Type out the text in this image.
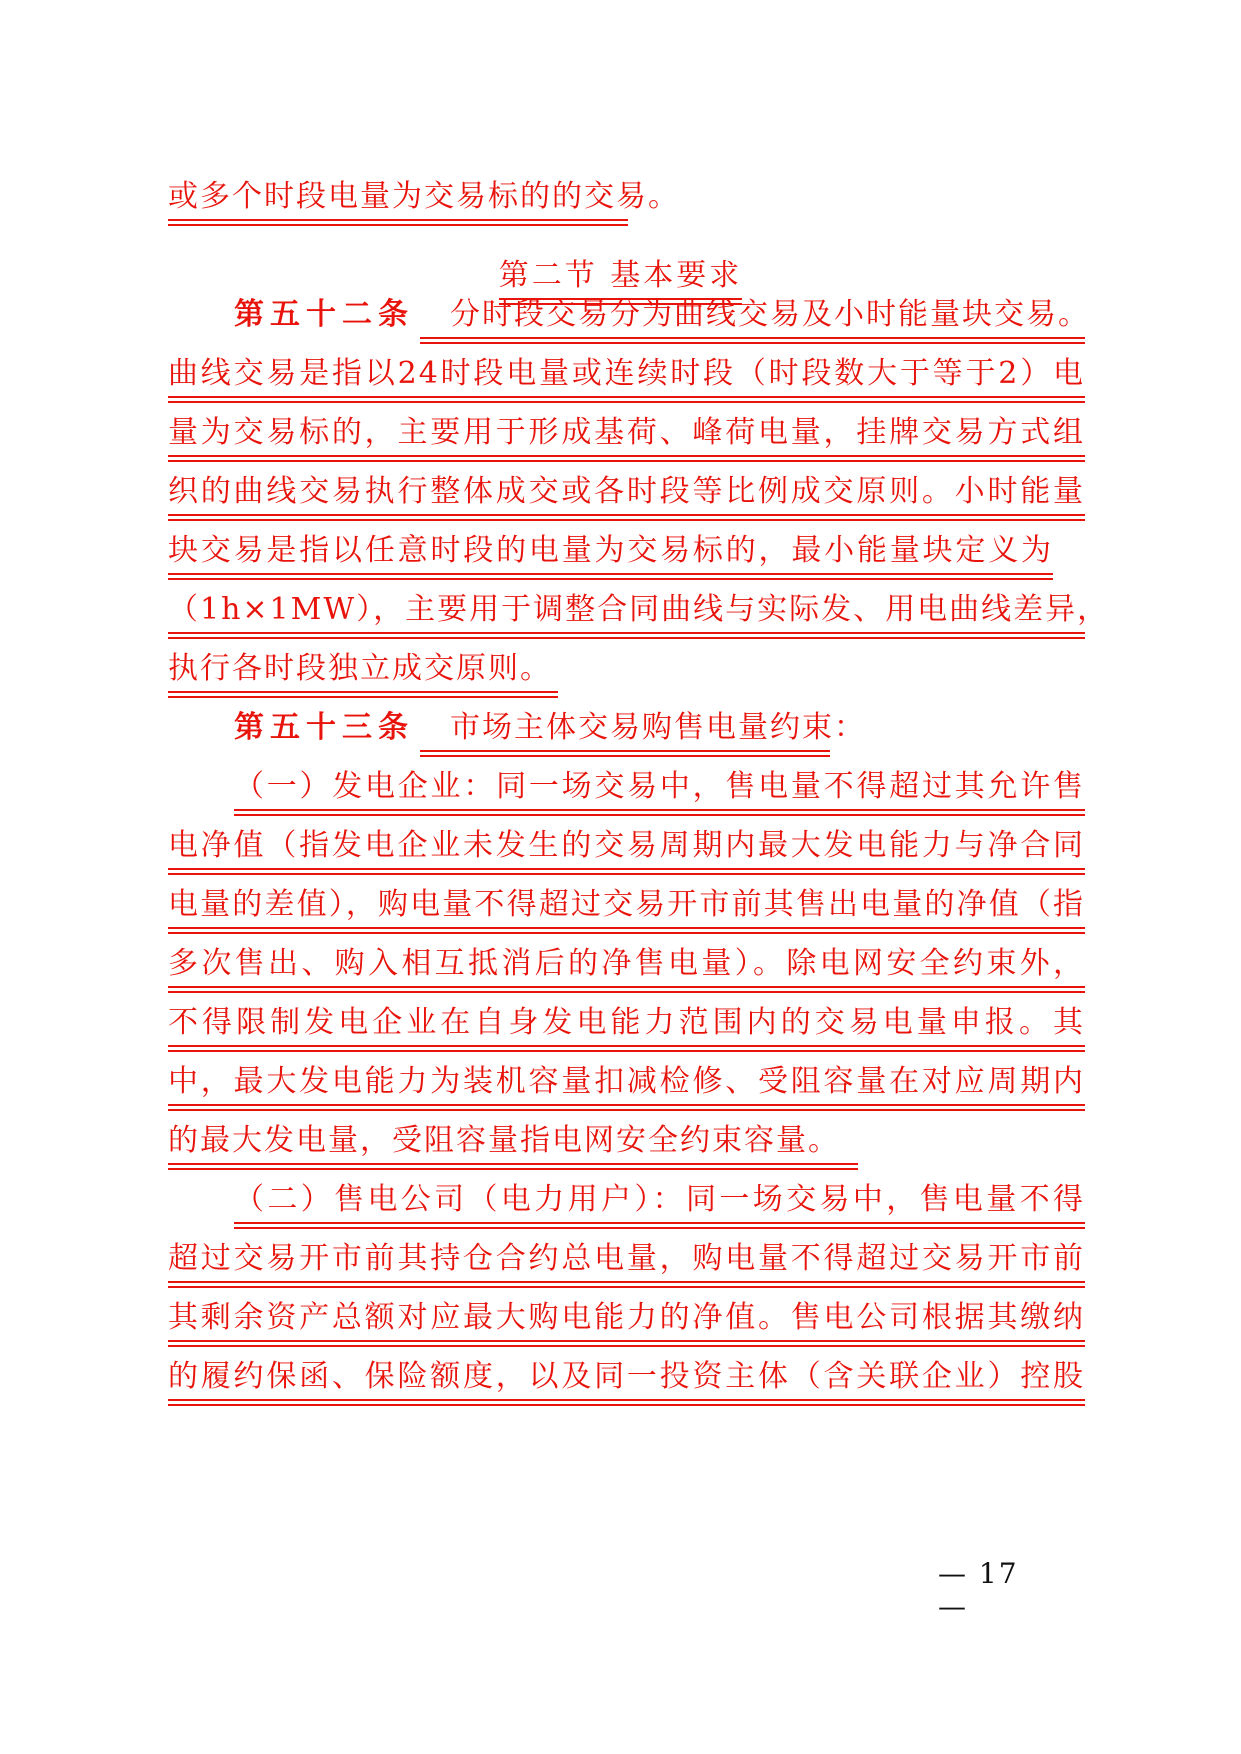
或多个时段电量为交易标的的交易。
第二节 基本要求
第五十二条 分时段交易分为曲线交易及小时能量块交易。
曲线交易是指以24时段电量或连续时段（时段数大于等于2）电
量为交易标的，主要用于形成基荷、峰荷电量，挂牌交易方式组
织的曲线交易执行整体成交或各时段等比例成交原则。小时能量
块交易是指以任意时段的电量为交易标的，最小能量块定义为
（1h×1MW），主要用于调整合同曲线与实际发、用电曲线差异，
执行各时段独立成交原则。
第五十三条 市场主体交易购售电量约束：
（一）发电企业：同一场交易中，售电量不得超过其允许售
电净值（指发电企业未发生的交易周期内最大发电能力与净合同
电量的差值），购电量不得超过交易开市前其售出电量的净值（指
多次售出、购入相互抵消后的净售电量）。除电网安全约束外，
不得限制发电企业在自身发电能力范围内的交易电量申报。其
中，最大发电能力为装机容量扣减检修、受阻容量在对应周期内
的最大发电量，受阻容量指电网安全约束容量。
（二）售电公司（电力用户）：同一场交易中，售电量不得
超过交易开市前其持仓合约总电量，购电量不得超过交易开市前
其剩余资产总额对应最大购电能力的净值。售电公司根据其缴纳
的履约保函、保险额度，以及同一投资主体（含关联企业）控股
— 17 —
